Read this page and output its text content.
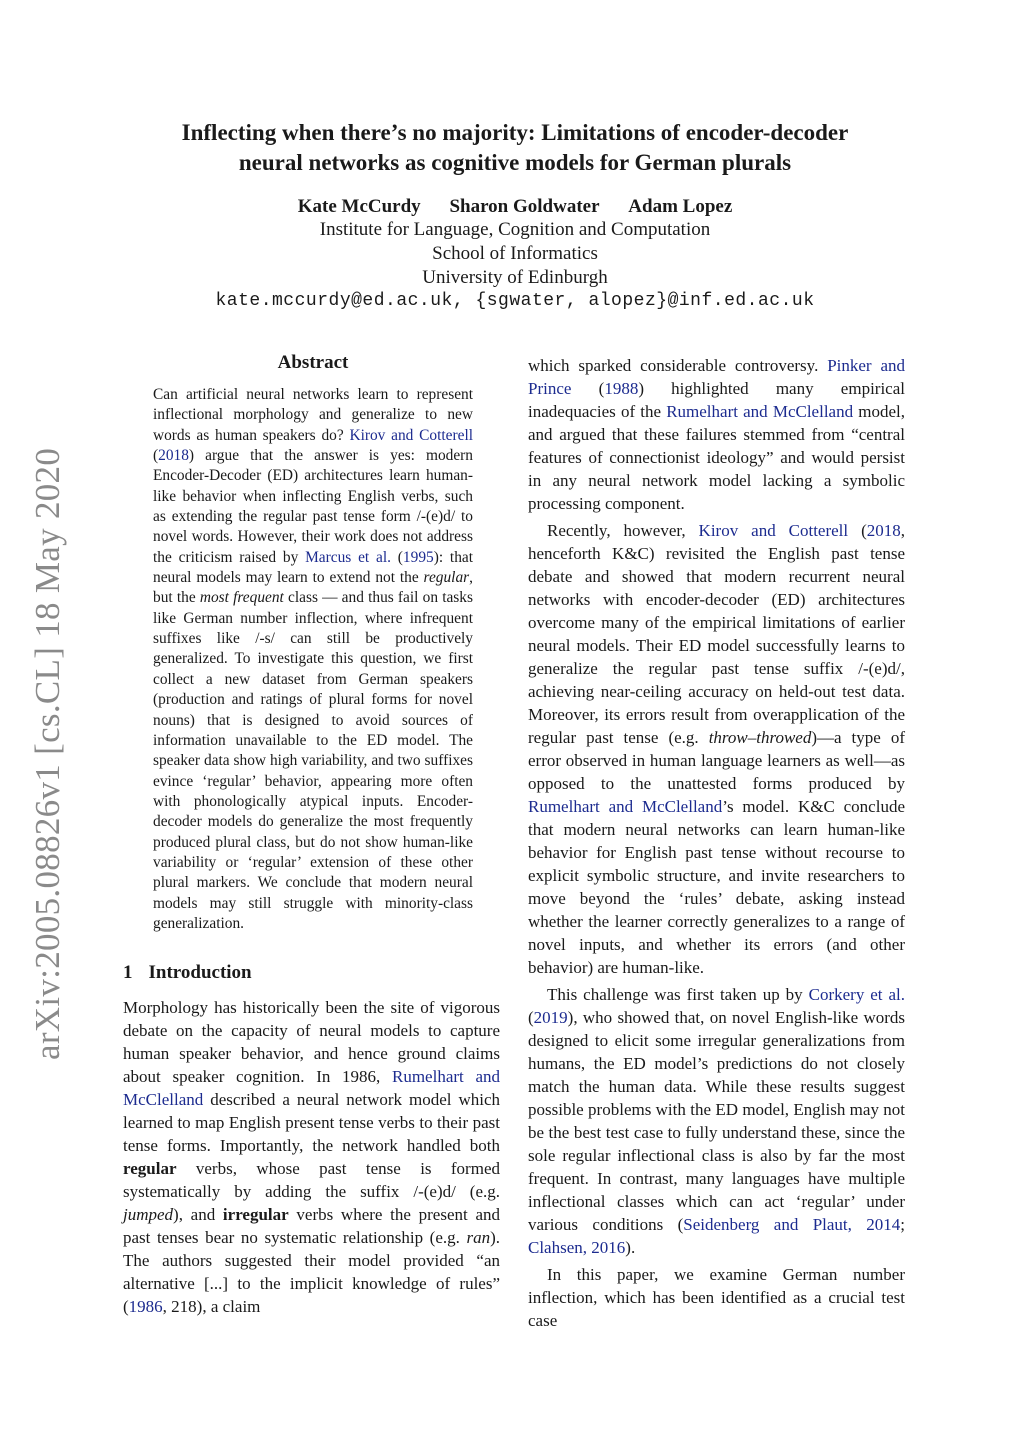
arXiv:2005.08826v1 [cs.CL] 18 May 2020
Inflecting when there’s no majority: Limitations of encoder-decoder
neural networks as cognitive models for German plurals
Kate McCurdy Sharon Goldwater Adam Lopez
Institute for Language, Cognition and Computation
School of Informatics
University of Edinburgh
kate.mccurdy@ed.ac.uk, {sgwater, alopez}@inf.ed.ac.uk
Abstract
Can artificial neural networks learn to represent inflectional morphology and generalize to new words as human speakers do? Kirov and Cotterell (2018) argue that the answer is yes: modern Encoder-Decoder (ED) architectures learn human-like behavior when inflecting English verbs, such as extending the regular past tense form /-(e)d/ to novel words. However, their work does not address the criticism raised by Marcus et al. (1995): that neural models may learn to extend not the regular, but the most frequent class — and thus fail on tasks like German number inflection, where infrequent suffixes like /-s/ can still be productively generalized. To investigate this question, we first collect a new dataset from German speakers (production and ratings of plural forms for novel nouns) that is designed to avoid sources of information unavailable to the ED model. The speaker data show high variability, and two suffixes evince ‘regular’ behavior, appearing more often with phonologically atypical inputs. Encoder-decoder models do generalize the most frequently produced plural class, but do not show human-like variability or ‘regular’ extension of these other plural markers. We conclude that modern neural models may still struggle with minority-class generalization.
1 Introduction

Morphology has historically been the site of vigorous debate on the capacity of neural models to capture human speaker behavior, and hence ground claims about speaker cognition. In 1986, Rumelhart and McClelland described a neural network model which learned to map English present tense verbs to their past tense forms. Importantly, the network handled both regular verbs, whose past tense is formed systematically by adding the suffix /-(e)d/ (e.g. jumped), and irregular verbs where the present and past tenses bear no systematic relationship (e.g. ran). The authors suggested their model provided “an alternative [...] to the implicit knowledge of rules” (1986, 218), a claim

which sparked considerable controversy. Pinker and Prince (1988) highlighted many empirical inadequacies of the Rumelhart and McClelland model, and argued that these failures stemmed from “central features of connectionist ideology” and would persist in any neural network model lacking a symbolic processing component.

Recently, however, Kirov and Cotterell (2018, henceforth K&C) revisited the English past tense debate and showed that modern recurrent neural networks with encoder-decoder (ED) architectures overcome many of the empirical limitations of earlier neural models. Their ED model successfully learns to generalize the regular past tense suffix /-(e)d/, achieving near-ceiling accuracy on held-out test data. Moreover, its errors result from overapplication of the regular past tense (e.g. throw–throwed)—a type of error observed in human language learners as well—as opposed to the unattested forms produced by Rumelhart and McClelland’s model. K&C conclude that modern neural networks can learn human-like behavior for English past tense without recourse to explicit symbolic structure, and invite researchers to move beyond the ‘rules’ debate, asking instead whether the learner correctly generalizes to a range of novel inputs, and whether its errors (and other behavior) are human-like.

This challenge was first taken up by Corkery et al. (2019), who showed that, on novel English-like words designed to elicit some irregular generalizations from humans, the ED model’s predictions do not closely match the human data. While these results suggest possible problems with the ED model, English may not be the best test case to fully understand these, since the sole regular inflectional class is also by far the most frequent. In contrast, many languages have multiple inflectional classes which can act ‘regular’ under various conditions (Seidenberg and Plaut, 2014; Clahsen, 2016).

In this paper, we examine German number inflection, which has been identified as a crucial test case
